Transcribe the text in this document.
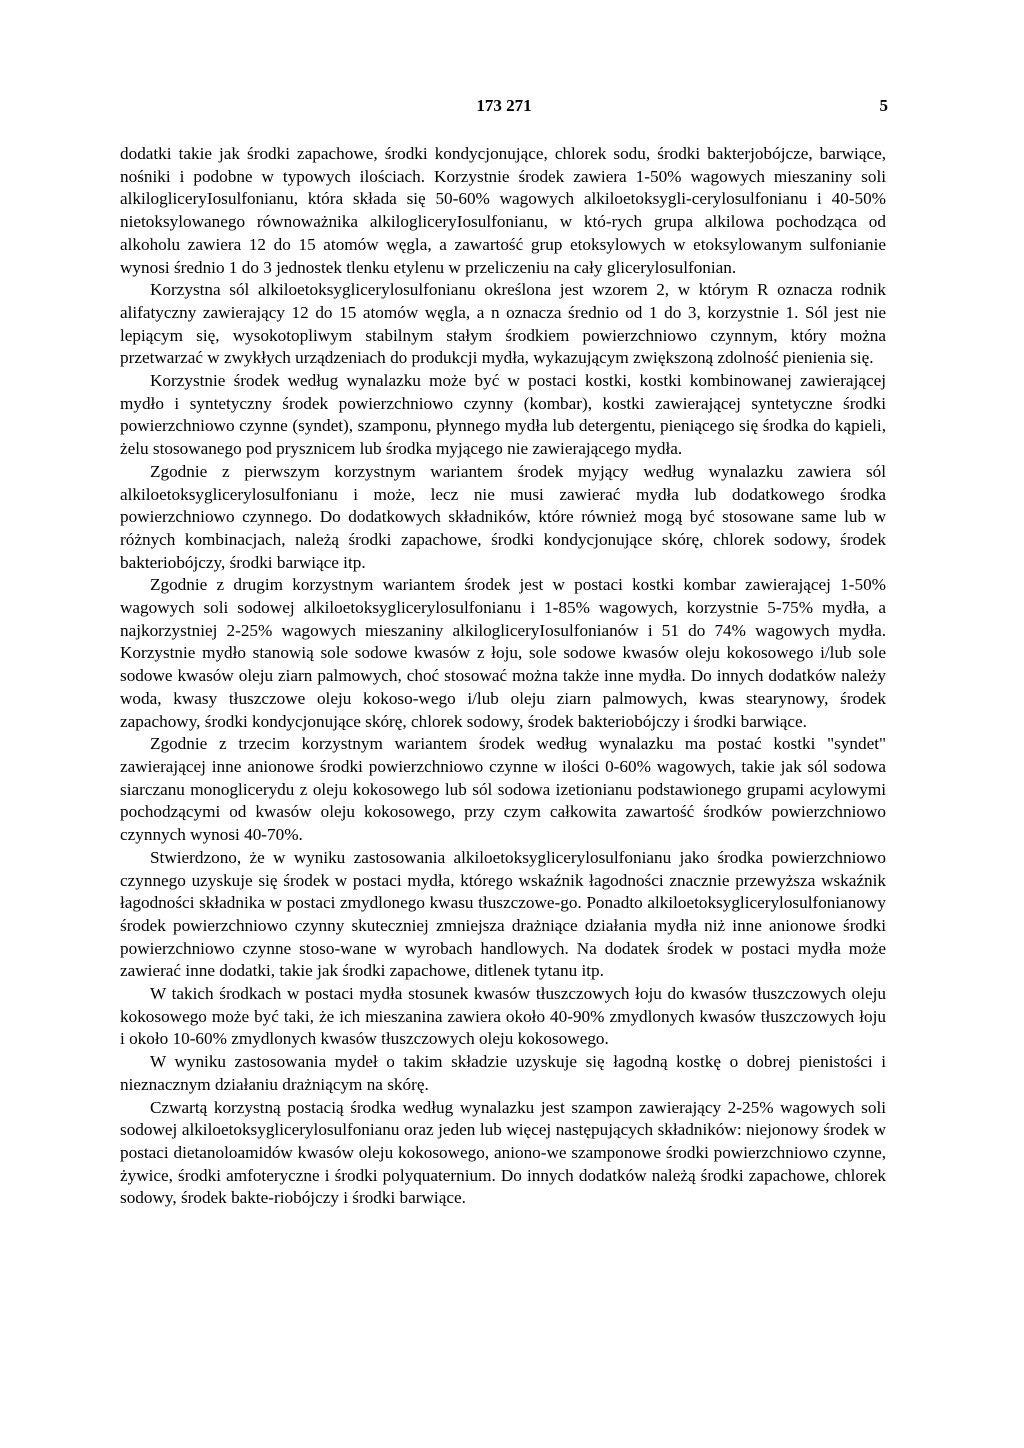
173 271	5

dodatki takie jak środki zapachowe, środki kondycjonujące, chlorek sodu, środki bakterjobójcze, barwiące, nośniki i podobne w typowych ilościach. Korzystnie środek zawiera 1-50% wagowych mieszaniny soli alkilogliceryIosulfonianu, która składa się 50-60% wagowych alkiloetoksygli-cerylosulfonianu i 40-50% nietoksylowanego równoważnika alkilogliceryIosulfonianu, w któ-rych grupa alkilowa pochodząca od alkoholu zawiera 12 do 15 atomów węgla, a zawartość grup etoksylowych w etoksylowanym sulfonianie wynosi średnio 1 do 3 jednostek tlenku etylenu w przeliczeniu na cały glicerylosulfonian.

Korzystna sól alkiloetoksyglicerylosulfonianu określona jest wzorem 2, w którym R oznacza rodnik alifatyczny zawierający 12 do 15 atomów węgla, a n oznacza średnio od 1 do 3, korzystnie 1. Sól jest nie lepiącym się, wysokotopliwym stabilnym stałym środkiem powierzchniowo czynnym, który można przetwarzać w zwykłych urządzeniach do produkcji mydła, wykazującym zwiększoną zdolność pienienia się.

Korzystnie środek według wynalazku może być w postaci kostki, kostki kombinowanej zawierającej mydło i syntetyczny środek powierzchniowo czynny (kombar), kostki zawierającej syntetyczne środki powierzchniowo czynne (syndet), szamponu, płynnego mydła lub detergentu, pieniącego się środka do kąpieli, żelu stosowanego pod prysznicem lub środka myjącego nie zawierającego mydła.

Zgodnie z pierwszym korzystnym wariantem środek myjący według wynalazku zawiera sól alkiloetoksyglicerylosulfonianu i może, lecz nie musi zawierać mydła lub dodatkowego środka powierzchniowo czynnego. Do dodatkowych składników, które również mogą być stosowane same lub w różnych kombinacjach, należą środki zapachowe, środki kondycjonujące skórę, chlorek sodowy, środek bakteriobójczy, środki barwiące itp.

Zgodnie z drugim korzystnym wariantem środek jest w postaci kostki kombar zawierającej 1-50% wagowych soli sodowej alkiloetoksyglicerylosulfonianu i 1-85% wagowych, korzystnie 5-75% mydła, a najkorzystniej 2-25% wagowych mieszaniny alkilogliceryIosulfonianów i 51 do 74% wagowych mydła. Korzystnie mydło stanowią sole sodowe kwasów z łoju, sole sodowe kwasów oleju kokosowego i/lub sole sodowe kwasów oleju ziarn palmowych, choć stosować można także inne mydła. Do innych dodatków należy woda, kwasy tłuszczowe oleju kokoso-wego i/lub oleju ziarn palmowych, kwas stearynowy, środek zapachowy, środki kondycjonujące skórę, chlorek sodowy, środek bakteriobójczy i środki barwiące.

Zgodnie z trzecim korzystnym wariantem środek według wynalazku ma postać kostki "syndet" zawierającej inne anionowe środki powierzchniowo czynne w ilości 0-60% wagowych, takie jak sól sodowa siarczanu monoglicerydu z oleju kokosowego lub sól sodowa izetionianu podstawionego grupami acylowymi pochodzącymi od kwasów oleju kokosowego, przy czym całkowita zawartość środków powierzchniowo czynnych wynosi 40-70%.

Stwierdzono, że w wyniku zastosowania alkiloetoksyglicerylosulfonianu jako środka powierzchniowo czynnego uzyskuje się środek w postaci mydła, którego wskaźnik łagodności znacznie przewyższa wskaźnik łagodności składnika w postaci zmydlonego kwasu tłuszczowe-go. Ponadto alkiloetoksyglicerylosulfonianowy środek powierzchniowo czynny skuteczniej zmniejsza drażniące działania mydła niż inne anionowe środki powierzchniowo czynne stoso-wane w wyrobach handlowych. Na dodatek środek w postaci mydła może zawierać inne dodatki, takie jak środki zapachowe, ditlenek tytanu itp.

W takich środkach w postaci mydła stosunek kwasów tłuszczowych łoju do kwasów tłuszczowych oleju kokosowego może być taki, że ich mieszanina zawiera około 40-90% zmydlonych kwasów tłuszczowych łoju i około 10-60% zmydlonych kwasów tłuszczowych oleju kokosowego.

W wyniku zastosowania mydeł o takim składzie uzyskuje się łagodną kostkę o dobrej pienistości i nieznacznym działaniu drażniącym na skórę.

Czwartą korzystną postacią środka według wynalazku jest szampon zawierający 2-25% wagowych soli sodowej alkiloetoksyglicerylosulfonianu oraz jeden lub więcej następujących składników: niejonowy środek w postaci dietanoloamidów kwasów oleju kokosowego, aniono-we szamponowe środki powierzchniowo czynne, żywice, środki amfoteryczne i środki polyquaternium. Do innych dodatków należą środki zapachowe, chlorek sodowy, środek bakte-riobójczy i środki barwiące.
